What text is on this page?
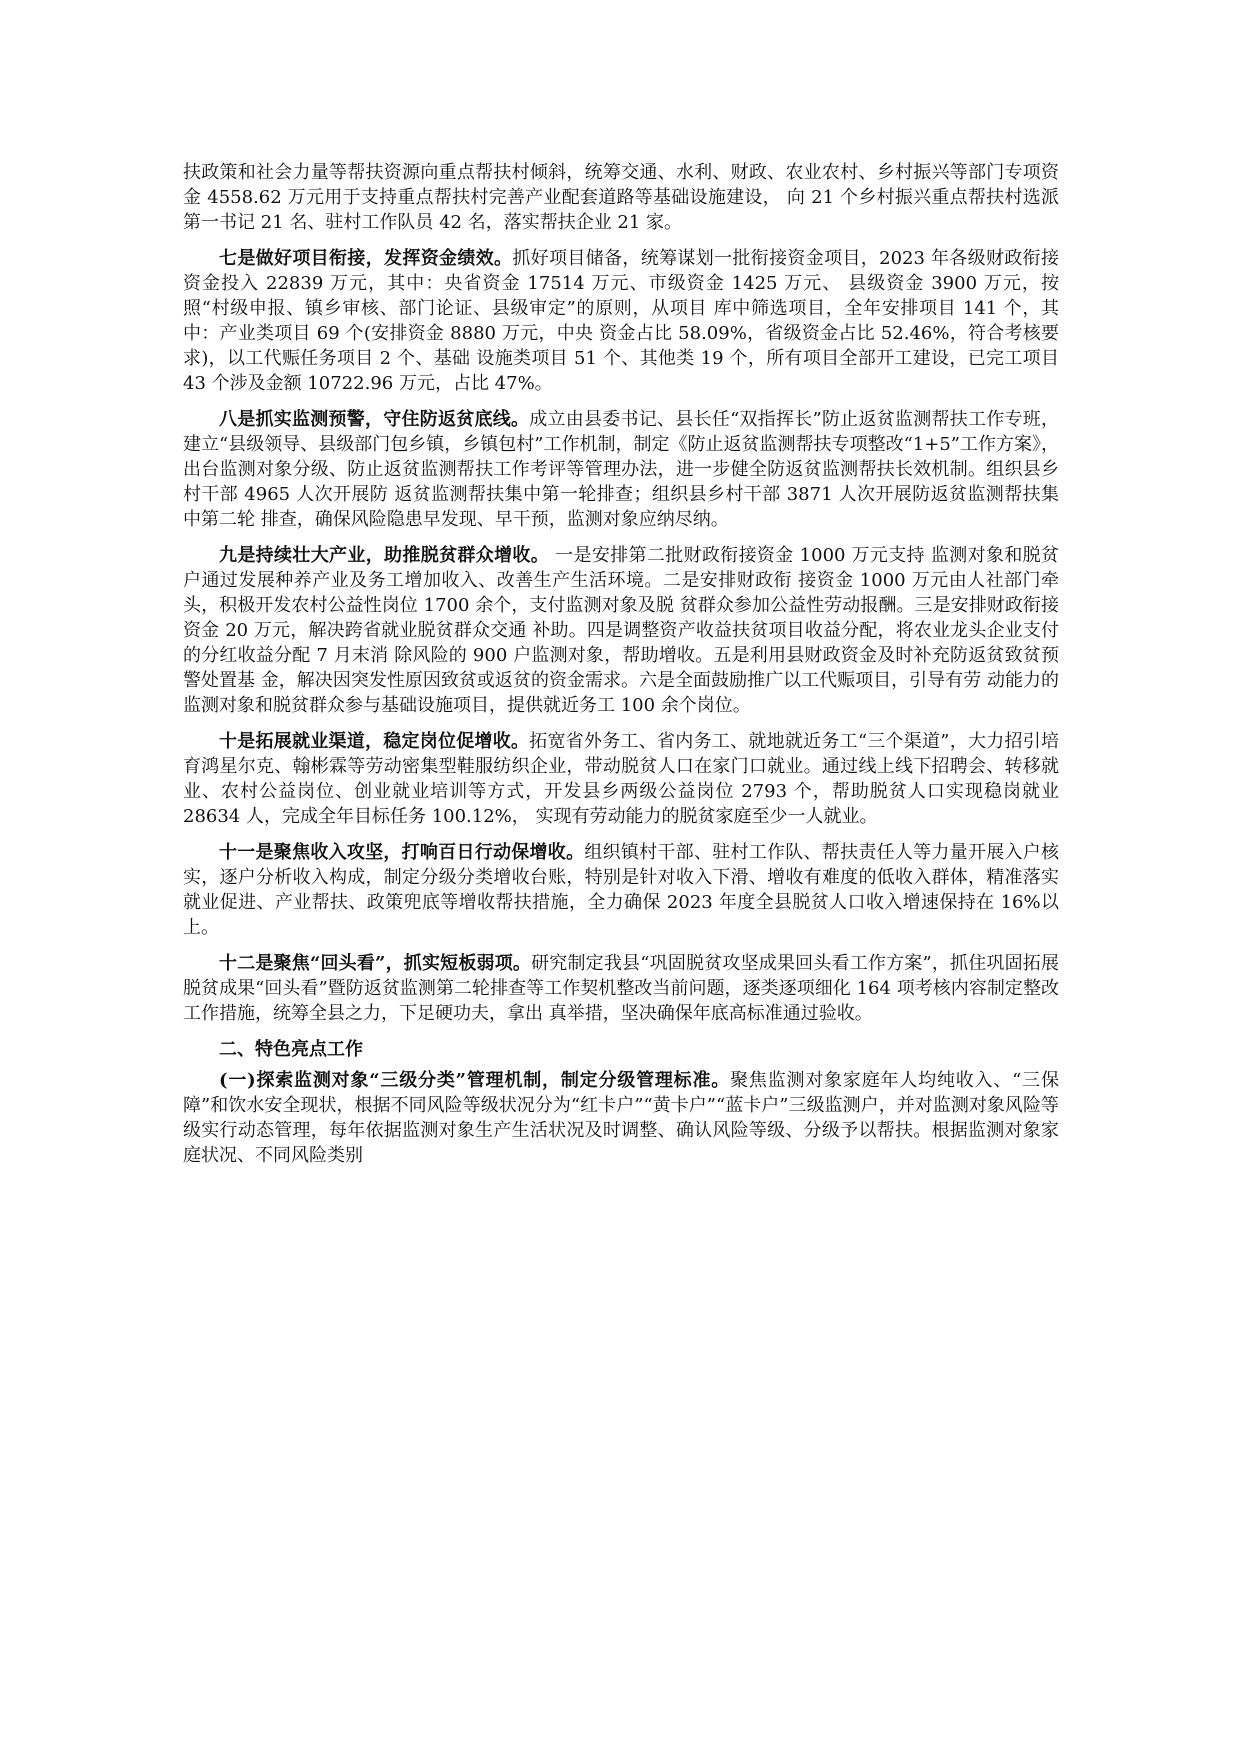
扶政策和社会力量等帮扶资源向重点帮扶村倾斜，统筹交通、水利、财政、农业农村、乡村振兴等部门专项资金 4558.62 万元用于支持重点帮扶村完善产业配套道路等基础设施建设， 向 21 个乡村振兴重点帮扶村选派第一书记 21 名、驻村工作队员 42 名，落实帮扶企业 21 家。

七是做好项目衔接，发挥资金绩效。抓好项目储备，统筹谋划一批衔接资金项目，2023 年各级财政衔接资金投入 22839 万元，其中：央省资金 17514 万元、市级资金 1425 万元、 县级资金 3900 万元，按照“村级申报、镇乡审核、部门论证、县级审定”的原则，从项目 库中筛选项目，全年安排项目 141 个，其中：产业类项目 69 个(安排资金 8880 万元，中央 资金占比 58.09%，省级资金占比 52.46%，符合考核要求)，以工代赈任务项目 2 个、基础 设施类项目 51 个、其他类 19 个，所有项目全部开工建设，已完工项目 43 个涉及金额 10722.96 万元，占比 47%。

八是抓实监测预警，守住防返贫底线。成立由县委书记、县长任“双指挥长”防止返贫监测帮扶工作专班，建立“县级领导、县级部门包乡镇，乡镇包村”工作机制，制定《防止返贫监测帮扶专项整改“1+5”工作方案》，出台监测对象分级、防止返贫监测帮扶工作考评等管理办法，进一步健全防返贫监测帮扶长效机制。组织县乡村干部 4965 人次开展防 返贫监测帮扶集中第一轮排查；组织县乡村干部 3871 人次开展防返贫监测帮扶集中第二轮 排查，确保风险隐患早发现、早干预，监测对象应纳尽纳。

九是持续壮大产业，助推脱贫群众增收。 一是安排第二批财政衔接资金 1000 万元支持 监测对象和脱贫户通过发展种养产业及务工增加收入、改善生产生活环境。二是安排财政衔 接资金 1000 万元由人社部门牵头，积极开发农村公益性岗位 1700 余个，支付监测对象及脱 贫群众参加公益性劳动报酬。三是安排财政衔接资金 20 万元，解决跨省就业脱贫群众交通 补助。四是调整资产收益扶贫项目收益分配，将农业龙头企业支付的分红收益分配 7 月末消 除风险的 900 户监测对象，帮助增收。五是利用县财政资金及时补充防返贫致贫预警处置基 金，解决因突发性原因致贫或返贫的资金需求。六是全面鼓励推广以工代赈项目，引导有劳 动能力的监测对象和脱贫群众参与基础设施项目，提供就近务工 100 余个岗位。

十是拓展就业渠道，稳定岗位促增收。拓宽省外务工、省内务工、就地就近务工“三个渠道”，大力招引培育鸿星尔克、翰彬霖等劳动密集型鞋服纺织企业，带动脱贫人口在家门口就业。通过线上线下招聘会、转移就业、农村公益岗位、创业就业培训等方式，开发县乡两级公益岗位 2793 个，帮助脱贫人口实现稳岗就业 28634 人，完成全年目标任务 100.12%， 实现有劳动能力的脱贫家庭至少一人就业。

十一是聚焦收入攻坚，打响百日行动保增收。组织镇村干部、驻村工作队、帮扶责任人等力量开展入户核实，逐户分析收入构成，制定分级分类增收台账，特别是针对收入下滑、增收有难度的低收入群体，精准落实就业促进、产业帮扶、政策兜底等增收帮扶措施，全力确保 2023 年度全县脱贫人口收入增速保持在 16%以上。

十二是聚焦“回头看”，抓实短板弱项。研究制定我县“巩固脱贫攻坚成果回头看工作方案”，抓住巩固拓展脱贫成果“回头看”暨防返贫监测第二轮排查等工作契机整改当前问题，逐类逐项细化 164 项考核内容制定整改工作措施，统筹全县之力，下足硬功夫，拿出 真举措，坚决确保年底高标准通过验收。

二、特色亮点工作

(一)探索监测对象“三级分类”管理机制，制定分级管理标准。聚焦监测对象家庭年人均纯收入、“三保障”和饮水安全现状，根据不同风险等级状况分为“红卡户”“黄卡户”“蓝卡户”三级监测户，并对监测对象风险等级实行动态管理，每年依据监测对象生产生活状况及时调整、确认风险等级、分级予以帮扶。根据监测对象家庭状况、不同风险类别
